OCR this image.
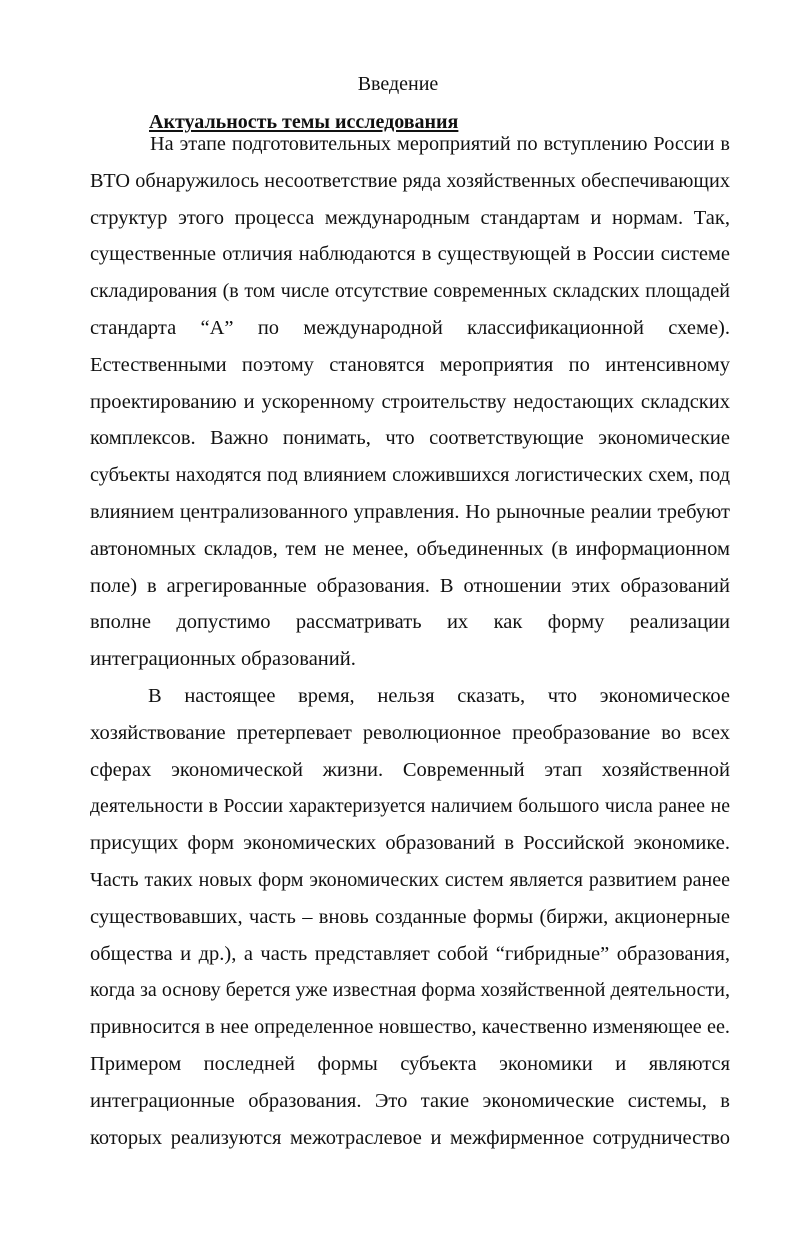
Введение
Актуальность темы исследования
На этапе подготовительных мероприятий по вступлению России в
ВТО обнаружилось несоответствие ряда хозяйственных обеспечивающих
структур этого процесса международным стандартам и нормам. Так,
существенные отличия наблюдаются в существующей в России системе
складирования (в том числе отсутствие современных складских площадей
стандарта “А” по международной классификационной схеме).
Естественными поэтому становятся мероприятия по интенсивному
проектированию и ускоренному строительству недостающих складских
комплексов. Важно понимать, что соответствующие экономические
субъекты находятся под влиянием сложившихся логистических схем, под
влиянием централизованного управления. Но рыночные реалии требуют
автономных складов, тем не менее, объединенных (в информационном
поле) в агрегированные образования. В отношении этих образований
вполне допустимо рассматривать их как форму реализации
интеграционных образований.
В настоящее время, нельзя сказать, что экономическое
хозяйствование претерпевает революционное преобразование во всех
сферах экономической жизни. Современный этап хозяйственной
деятельности в России характеризуется наличием большого числа ранее не
присущих форм экономических образований в Российской экономике.
Часть таких новых форм экономических систем является развитием ранее
существовавших, часть – вновь созданные формы (биржи, акционерные
общества и др.), а часть представляет собой “гибридные” образования,
когда за основу берется уже известная форма хозяйственной деятельности,
привносится в нее определенное новшество, качественно изменяющее ее.
Примером последней формы субъекта экономики и являются
интеграционные образования. Это такие экономические системы, в
которых реализуются межотраслевое и межфирменное сотрудничество
